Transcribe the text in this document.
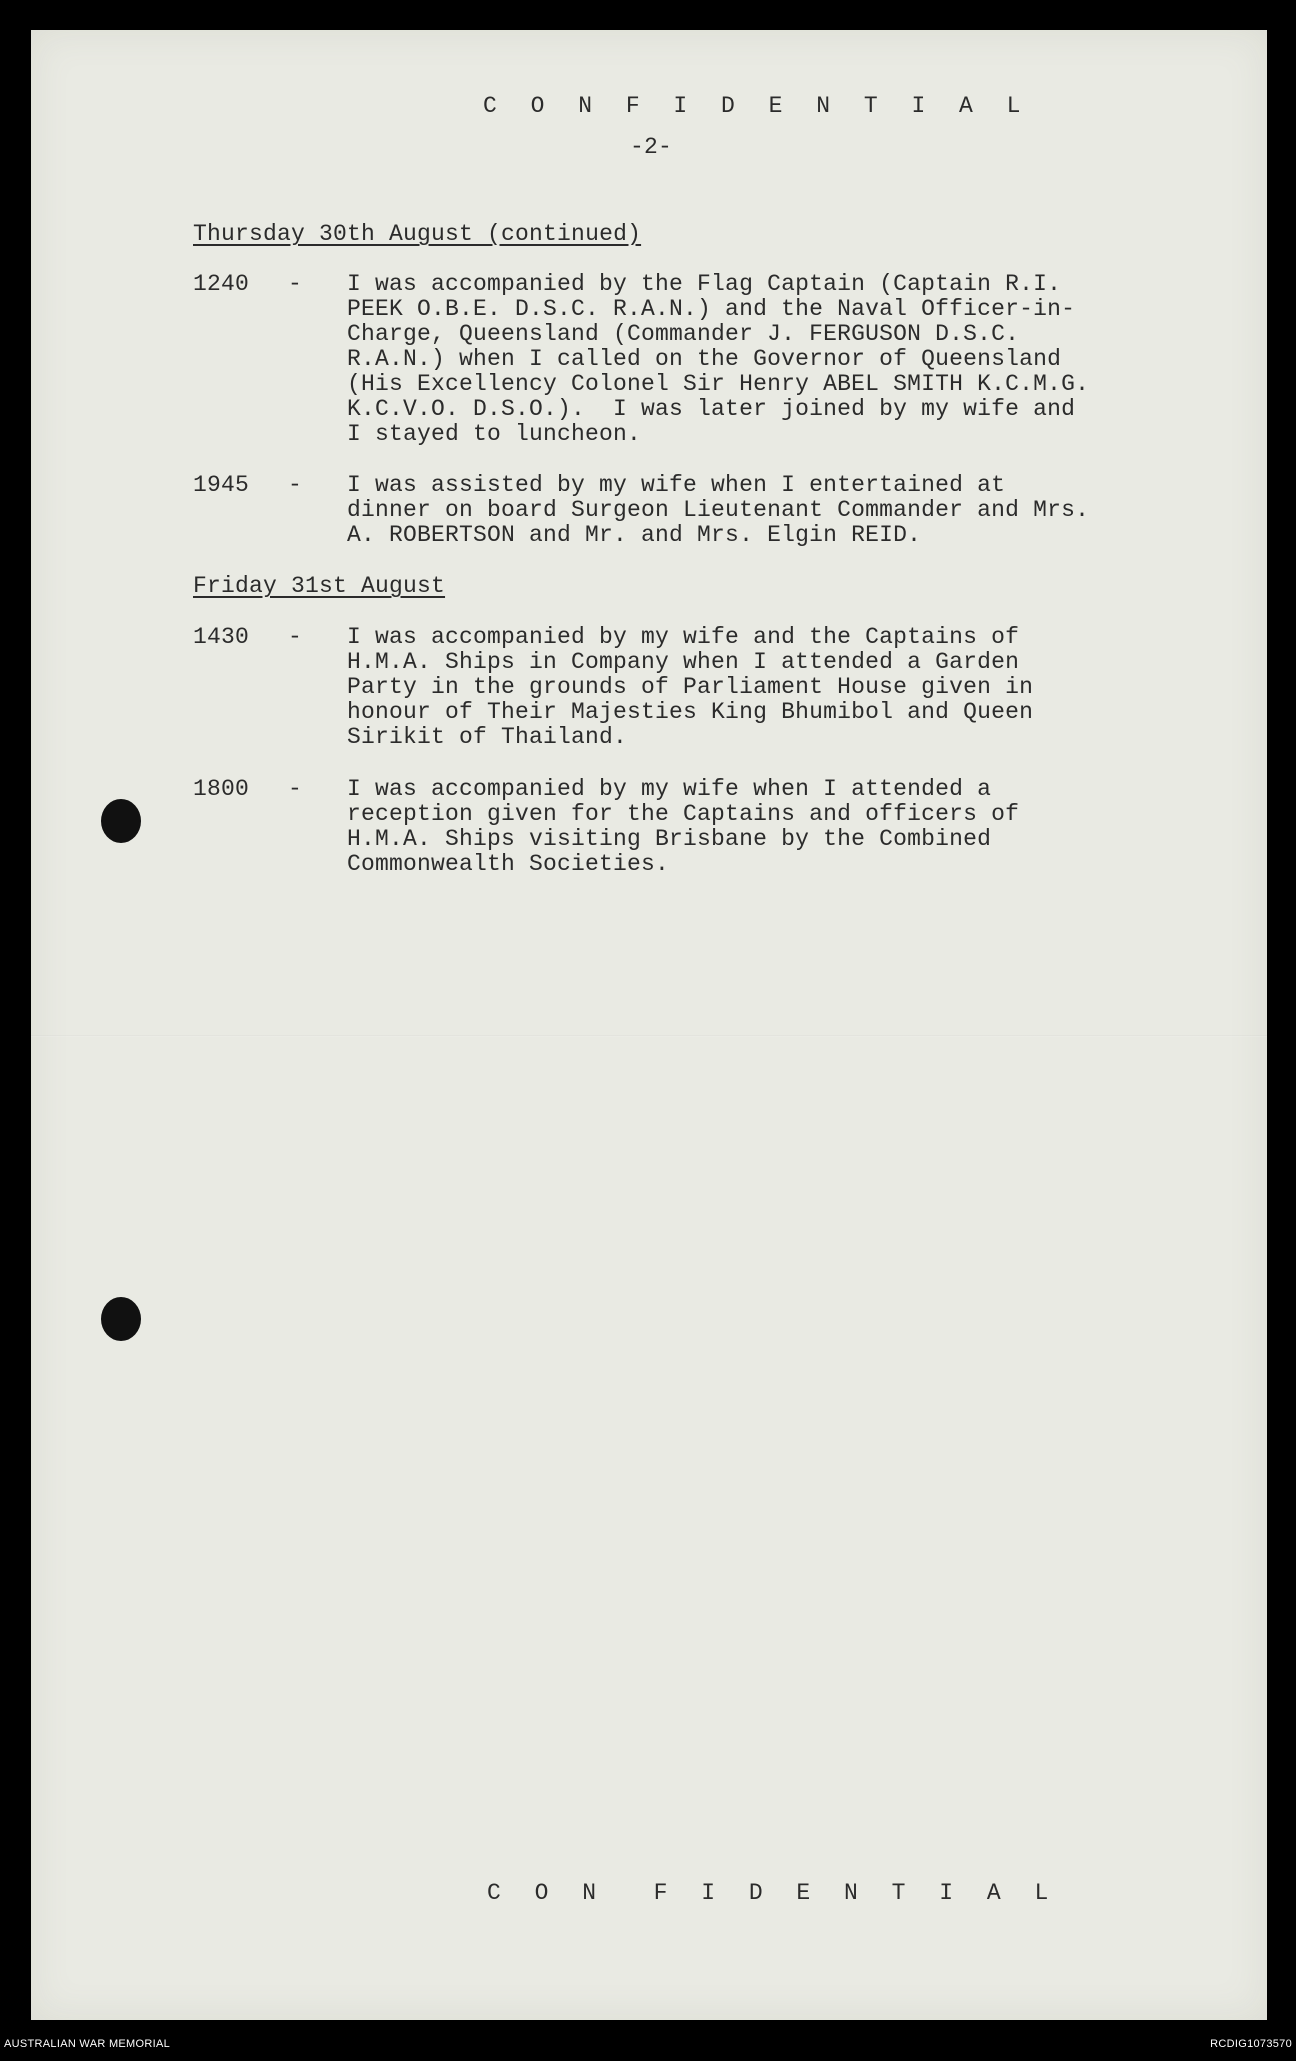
C O N F I D E N T I A L
-2-
Thursday 30th August (continued)
1240 - I was accompanied by the Flag Captain (Captain R.I.
PEEK O.B.E. D.S.C. R.A.N.) and the Naval Officer-in-
Charge, Queensland (Commander J. FERGUSON D.S.C.
R.A.N.) when I called on the Governor of Queensland
(His Excellency Colonel Sir Henry ABEL SMITH K.C.M.G.
K.C.V.O. D.S.O.).  I was later joined by my wife and
I stayed to luncheon.
1945 - I was assisted by my wife when I entertained at
dinner on board Surgeon Lieutenant Commander and Mrs.
A. ROBERTSON and Mr. and Mrs. Elgin REID.
Friday 31st August
1430 - I was accompanied by my wife and the Captains of
H.M.A. Ships in Company when I attended a Garden
Party in the grounds of Parliament House given in
honour of Their Majesties King Bhumibol and Queen
Sirikit of Thailand.
1800 - I was accompanied by my wife when I attended a
reception given for the Captains and officers of
H.M.A. Ships visiting Brisbane by the Combined
Commonwealth Societies.
C O N  F I D E N T I A L
AUSTRALIAN WAR MEMORIAL	RCDIG1073570
